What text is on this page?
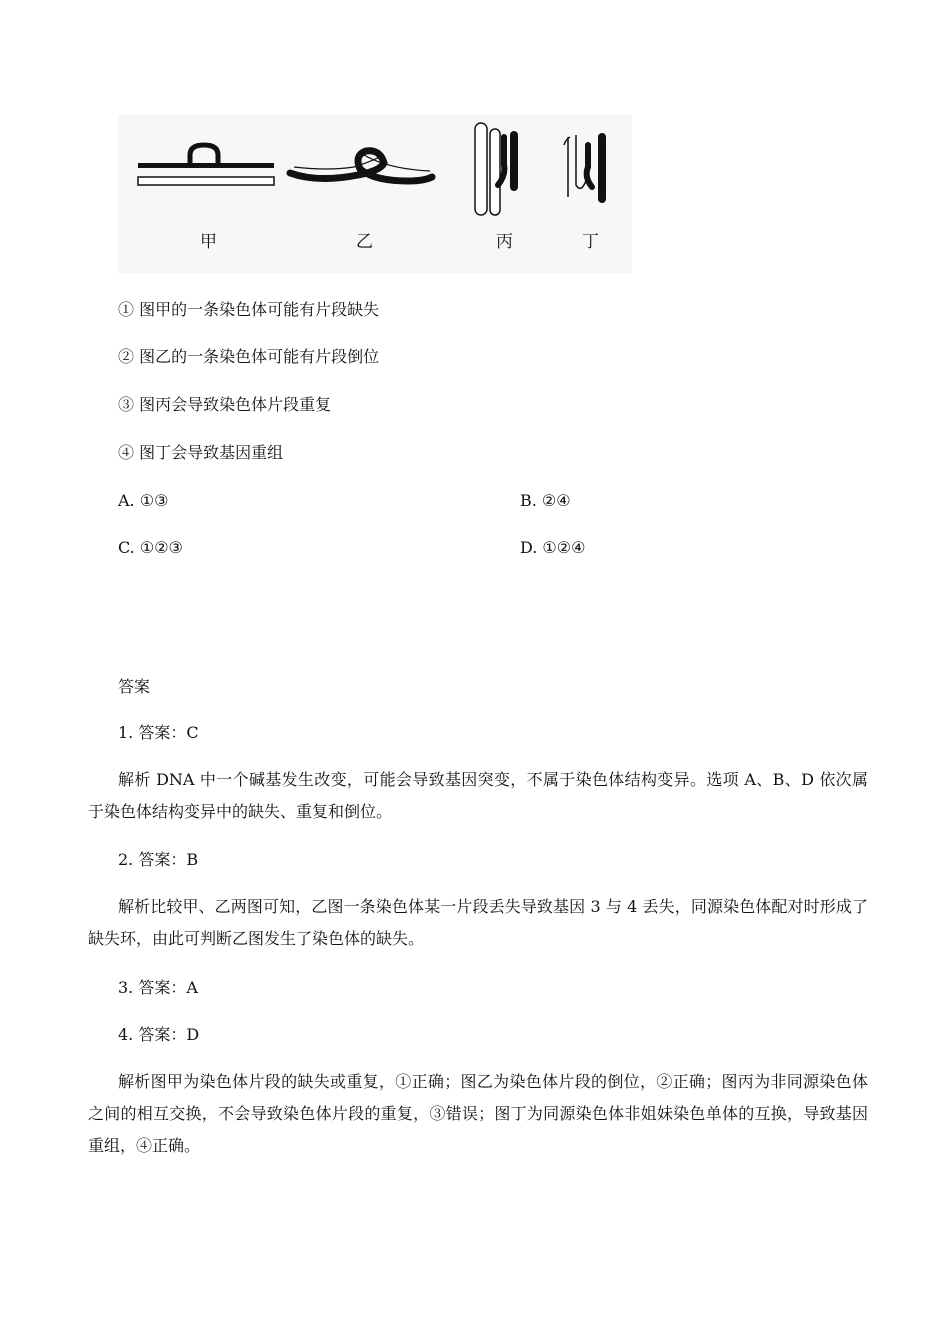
甲	乙	丙	丁
① 图甲的一条染色体可能有片段缺失
② 图乙的一条染色体可能有片段倒位
③ 图丙会导致染色体片段重复
④ 图丁会导致基因重组
A. ①③	B. ②④
C. ①②③	D. ①②④
答案
1. 答案：C
解析 DNA 中一个碱基发生改变，可能会导致基因突变，不属于染色体结构变异。选项 A、B、D 依次属于染色体结构变异中的缺失、重复和倒位。
2. 答案：B
解析比较甲、乙两图可知，乙图一条染色体某一片段丢失导致基因 3 与 4 丢失，同源染色体配对时形成了缺失环，由此可判断乙图发生了染色体的缺失。
3. 答案：A
4. 答案：D
解析图甲为染色体片段的缺失或重复，①正确；图乙为染色体片段的倒位，②正确；图丙为非同源染色体之间的相互交换，不会导致染色体片段的重复，③错误；图丁为同源染色体非姐妹染色单体的互换，导致基因重组，④正确。
